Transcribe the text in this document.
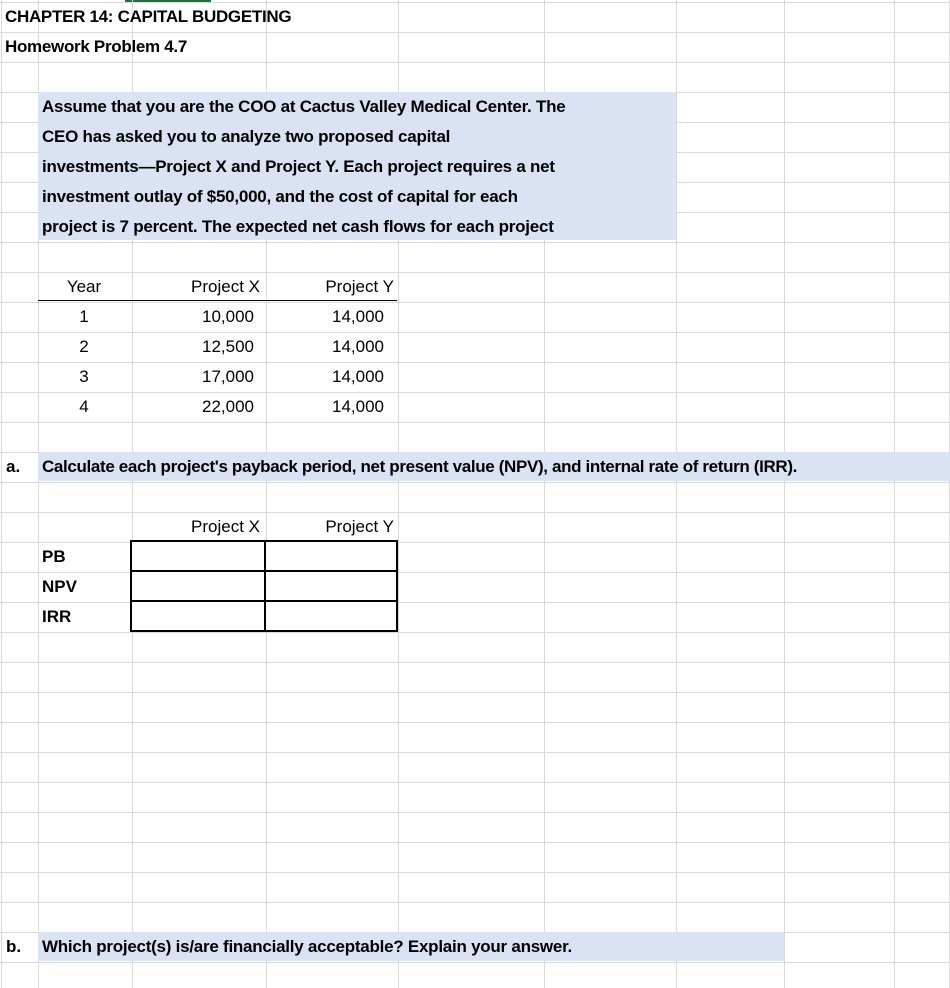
CHAPTER 14: CAPITAL BUDGETING
Homework Problem 4.7
Assume that you are the COO at Cactus Valley Medical Center. The
CEO has asked you to analyze two proposed capital
investments—Project X and Project Y. Each project requires a net
investment outlay of $50,000, and the cost of capital for each
project is 7 percent. The expected net cash flows for each project
Year	Project X	Project Y
1	10,000	14,000
2	12,500	14,000
3	17,000	14,000
4	22,000	14,000
a. Calculate each project's payback period, net present value (NPV), and internal rate of return (IRR).
Project X	Project Y
PB
NPV
IRR
b. Which project(s) is/are financially acceptable? Explain your answer.
